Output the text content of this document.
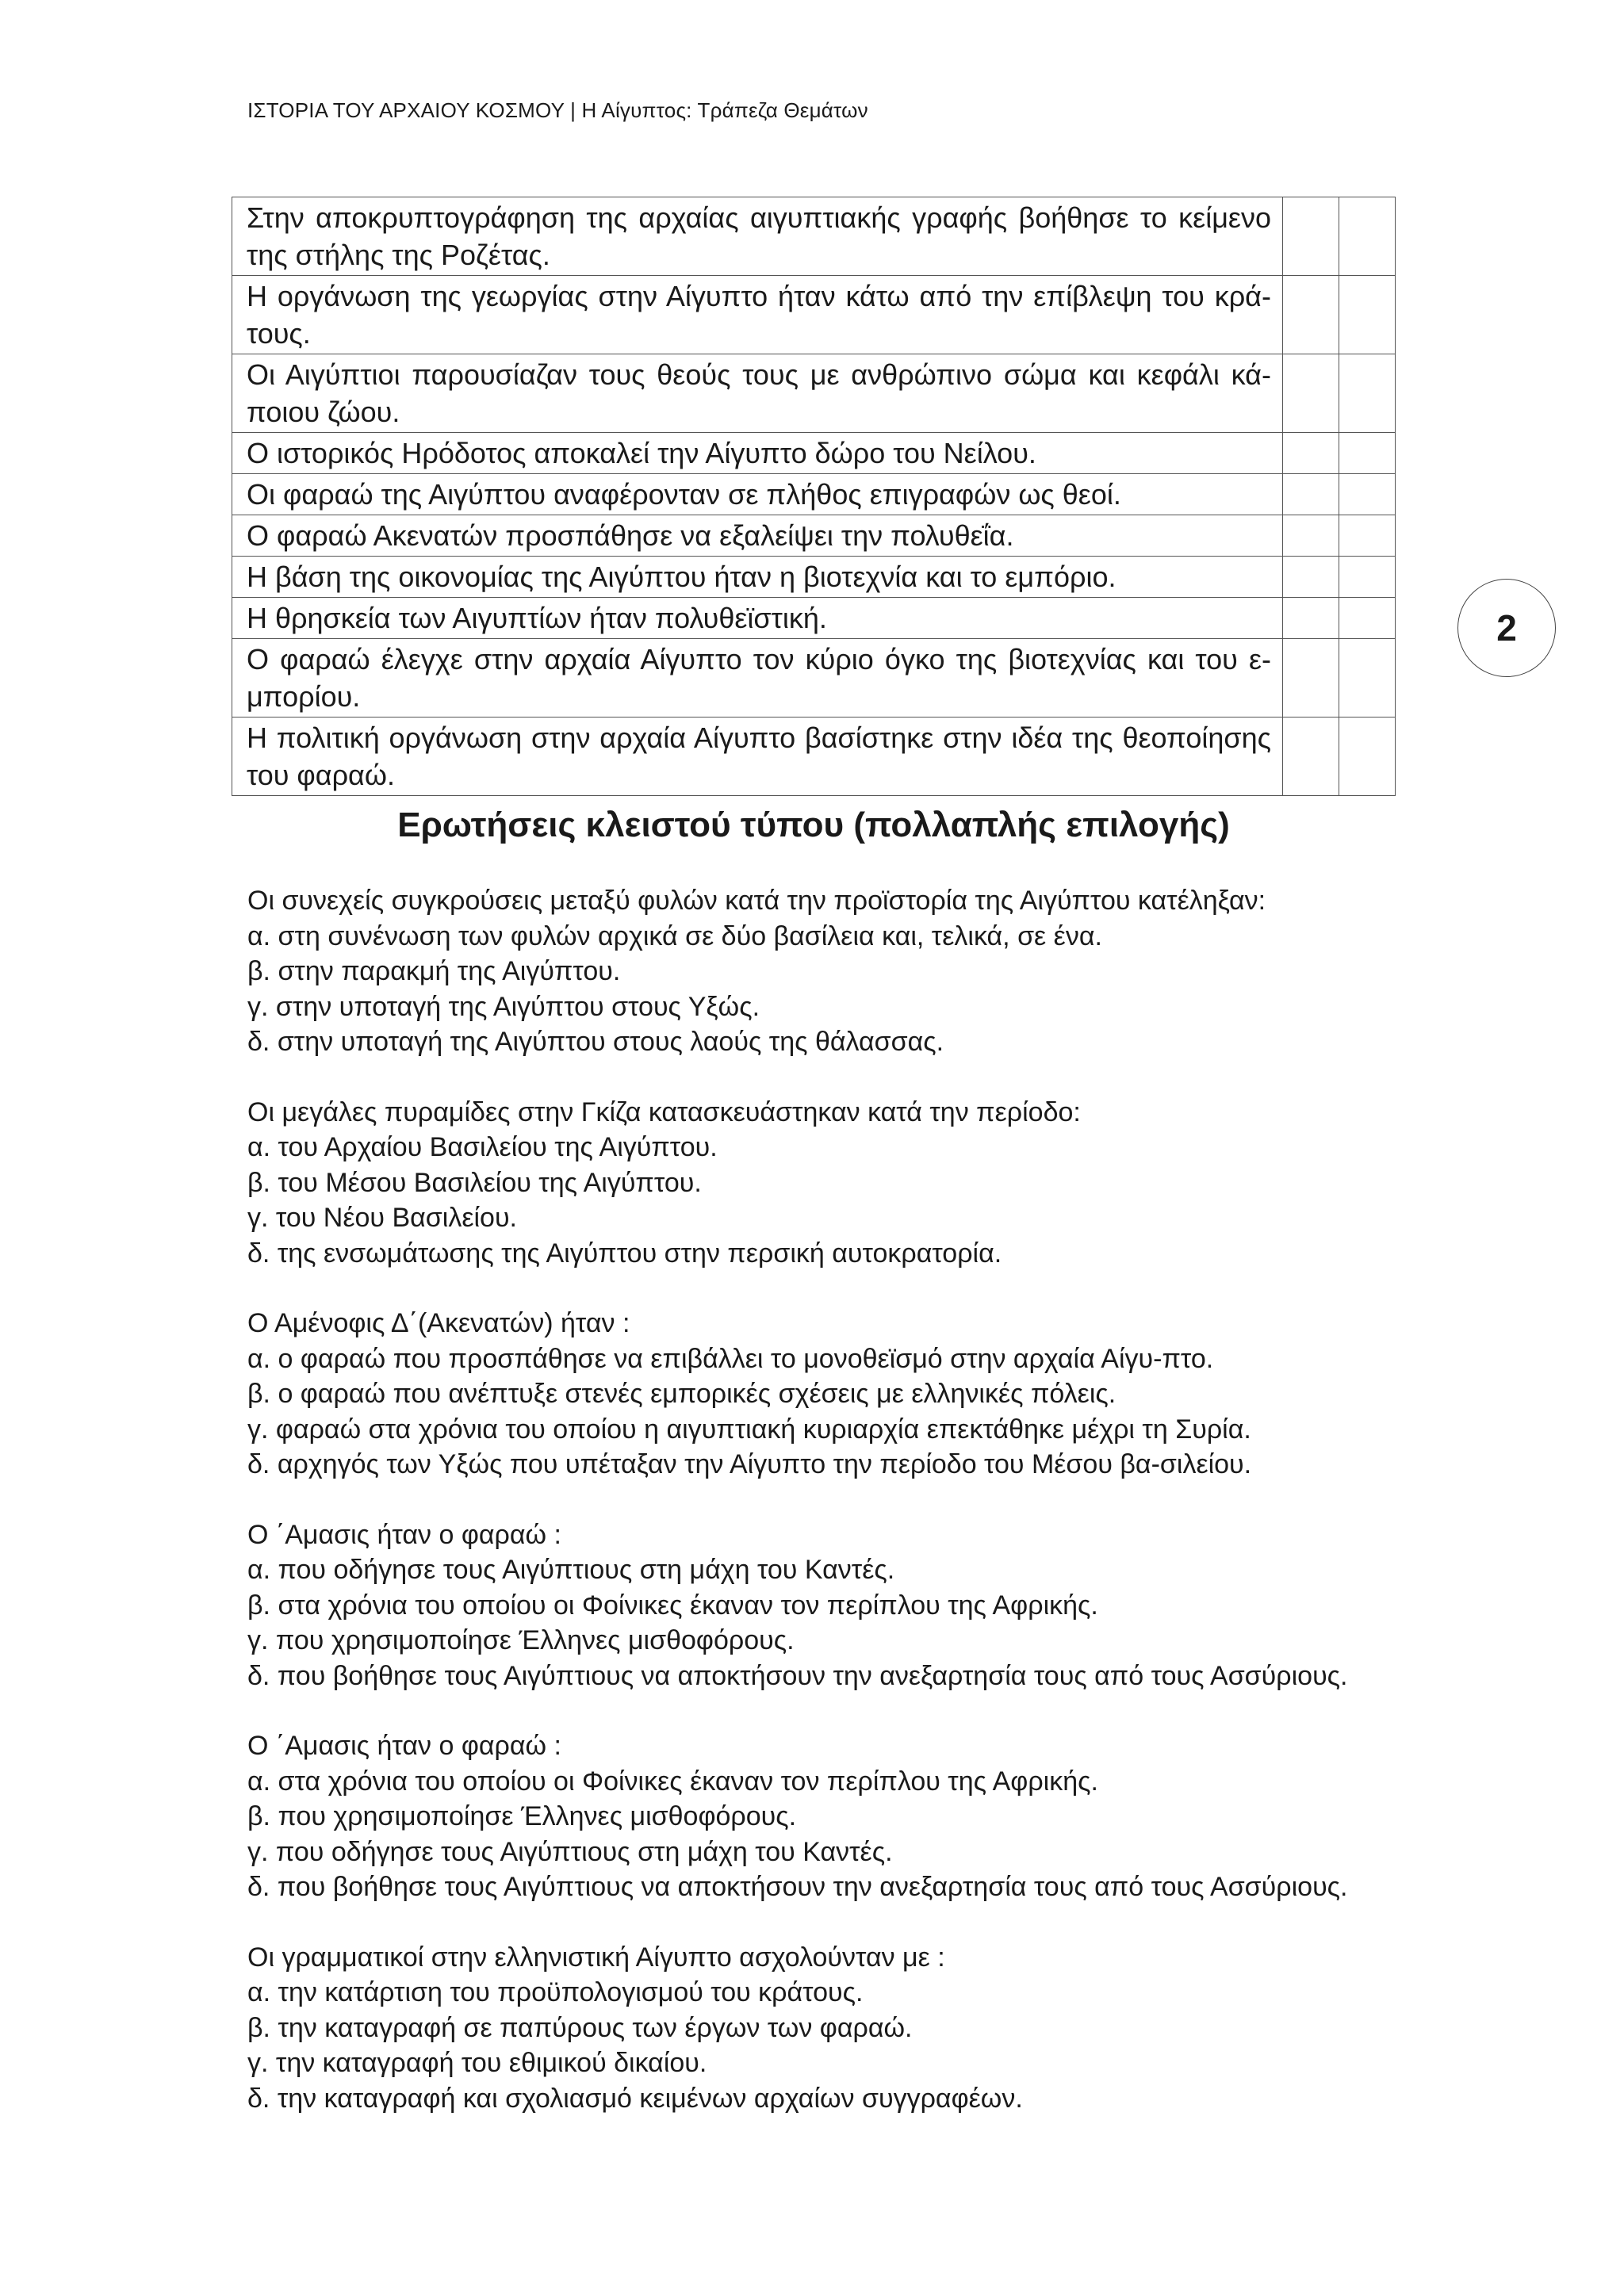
ΙΣΤΟΡΙΑ ΤΟΥ ΑΡΧΑΙΟΥ ΚΟΣΜΟΥ | Η Αίγυπτος: Τράπεζα Θεμάτων
Στην αποκρυπτογράφηση της αρχαίας αιγυπτιακής γραφής βοήθησε το κείμενο της στήλης της Ροζέτας.		
Η οργάνωση της γεωργίας στην Αίγυπτο ήταν κάτω από την επίβλεψη του κρά-τους.		
Οι Αιγύπτιοι παρουσίαζαν τους θεούς τους με ανθρώπινο σώμα και κεφάλι κά-ποιου ζώου.		
Ο ιστορικός Ηρόδοτος αποκαλεί την Αίγυπτο δώρο του Νείλου.		
Οι φαραώ της Αιγύπτου αναφέρονταν σε πλήθος επιγραφών ως θεοί.		
Ο φαραώ Ακενατών προσπάθησε να εξαλείψει την πολυθεΐα.		
Η βάση της οικονομίας της Αιγύπτου ήταν η βιοτεχνία και το εμπόριο.		
Η θρησκεία των Αιγυπτίων ήταν πολυθεϊστική.		
Ο φαραώ έλεγχε στην αρχαία Αίγυπτο τον κύριο όγκο της βιοτεχνίας και του ε-μπορίου.		
Η πολιτική οργάνωση στην αρχαία Αίγυπτο βασίστηκε στην ιδέα της θεοποίησης του φαραώ.		
2
Ερωτήσεις κλειστού τύπου (πολλαπλής επιλογής)
Οι συνεχείς συγκρούσεις μεταξύ φυλών κατά την προϊστορία της Αιγύπτου κατέληξαν:
α. στη συνένωση των φυλών αρχικά σε δύο βασίλεια και, τελικά, σε ένα.
β. στην παρακμή της Αιγύπτου.
γ. στην υποταγή της Αιγύπτου στους Υξώς.
δ. στην υποταγή της Αιγύπτου στους λαούς της θάλασσας.
Οι μεγάλες πυραμίδες στην Γκίζα κατασκευάστηκαν κατά την περίοδο:
α. του Αρχαίου Βασιλείου της Αιγύπτου.
β. του Μέσου Βασιλείου της Αιγύπτου.
γ. του Νέου Βασιλείου.
δ. της ενσωμάτωσης της Αιγύπτου στην περσική αυτοκρατορία.
Ο Αμένοφις Δ΄(Ακενατών) ήταν :
α. ο φαραώ που προσπάθησε να επιβάλλει το μονοθεϊσμό στην αρχαία Αίγυ-πτο.
β. ο φαραώ που ανέπτυξε στενές εμπορικές σχέσεις με ελληνικές πόλεις.
γ. φαραώ στα χρόνια του οποίου η αιγυπτιακή κυριαρχία επεκτάθηκε μέχρι τη Συρία.
δ. αρχηγός των Υξώς που υπέταξαν την Αίγυπτο την περίοδο του Μέσου βα-σιλείου.
Ο ΄Αμασις ήταν ο φαραώ :
α. που οδήγησε τους Αιγύπτιους στη μάχη του Καντές.
β. στα χρόνια του οποίου οι Φοίνικες έκαναν τον περίπλου της Αφρικής.
γ. που χρησιμοποίησε Έλληνες μισθοφόρους.
δ. που βοήθησε τους Αιγύπτιους να αποκτήσουν την ανεξαρτησία τους από τους Ασσύριους.
Ο ΄Αμασις ήταν ο φαραώ :
α. στα χρόνια του οποίου οι Φοίνικες έκαναν τον περίπλου της Αφρικής.
β. που χρησιμοποίησε Έλληνες μισθοφόρους.
γ. που οδήγησε τους Αιγύπτιους στη μάχη του Καντές.
δ. που βοήθησε τους Αιγύπτιους να αποκτήσουν την ανεξαρτησία τους από τους Ασσύριους.
Οι γραμματικοί στην ελληνιστική Αίγυπτο ασχολούνταν με :
α. την κατάρτιση του προϋπολογισμού του κράτους.
β. την καταγραφή σε παπύρους των έργων των φαραώ.
γ. την καταγραφή του εθιμικού δικαίου.
δ. την καταγραφή και σχολιασμό κειμένων αρχαίων συγγραφέων.
